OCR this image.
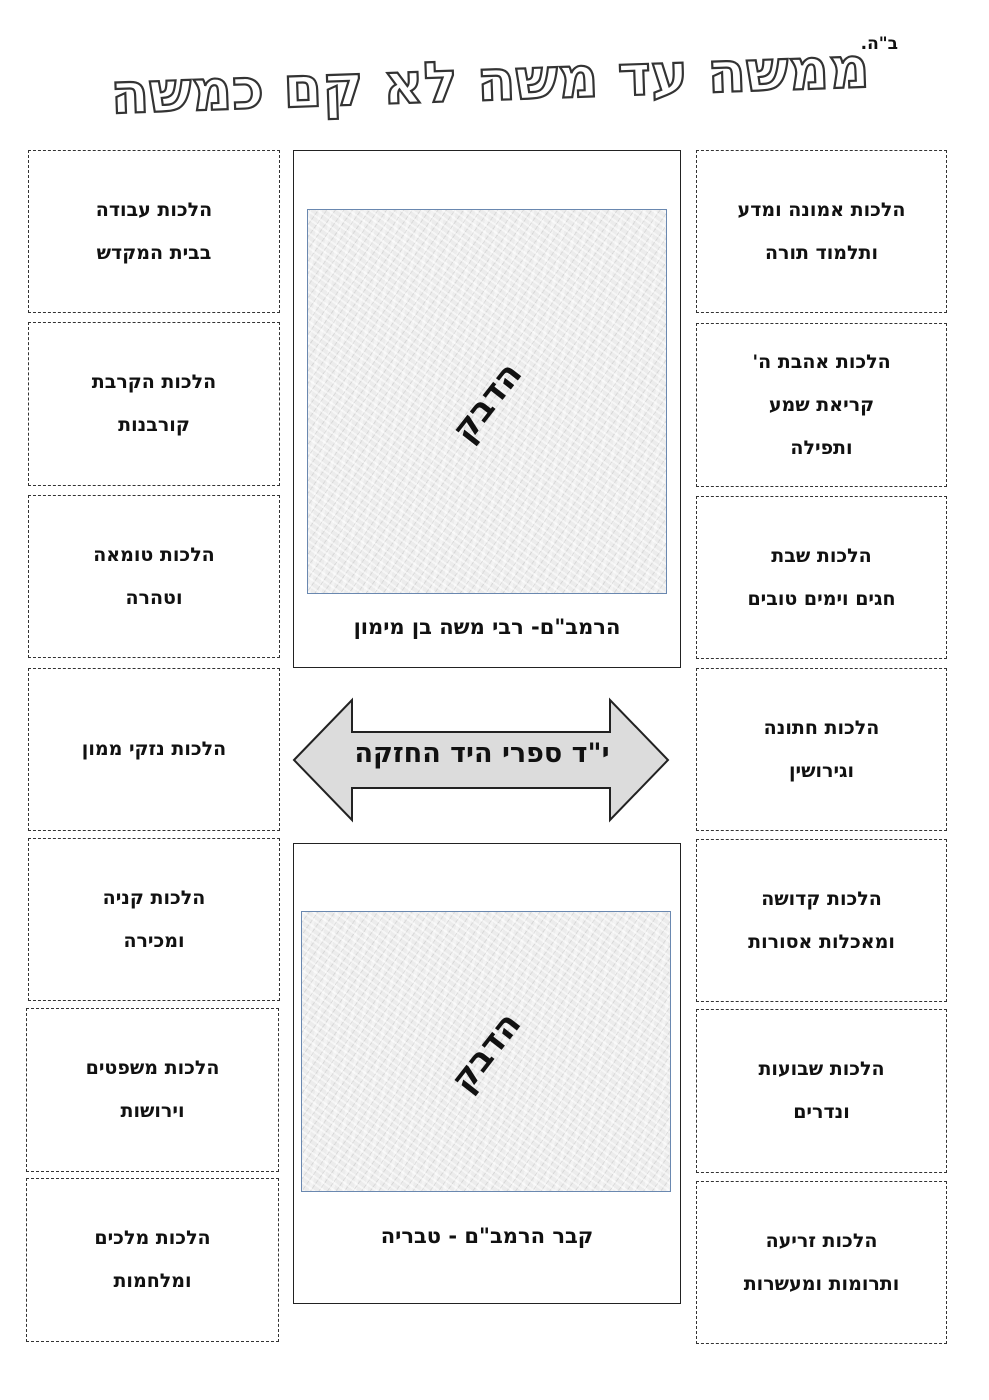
ב"ה.
ממשה עד משה לא קם כמשה
הלכות אמונה ומדע
ותלמוד תורה
הלכות אהבת ה'
קריאת שמע
ותפילה
הלכות שבת
חגים וימים טובים
הלכות חתונה
וגירושין
הלכות קדושה
ומאכלות אסורות
הלכות שבועות
ונדרים
הלכות זריעה
ותרומות ומעשרות
הלכות עבודה
בבית המקדש
הלכות הקרבת
קורבנות
הלכות טומאה
וטהרה
הלכות נזקי ממון
הלכות קניה
ומכירה
הלכות משפטים
וירושות
הלכות מלכים
ומלחמות
הדבק
הרמב"ם- רבי משה בן מימון
י"ד ספרי היד החזקה
הדבק
קבר הרמב"ם - טבריה
